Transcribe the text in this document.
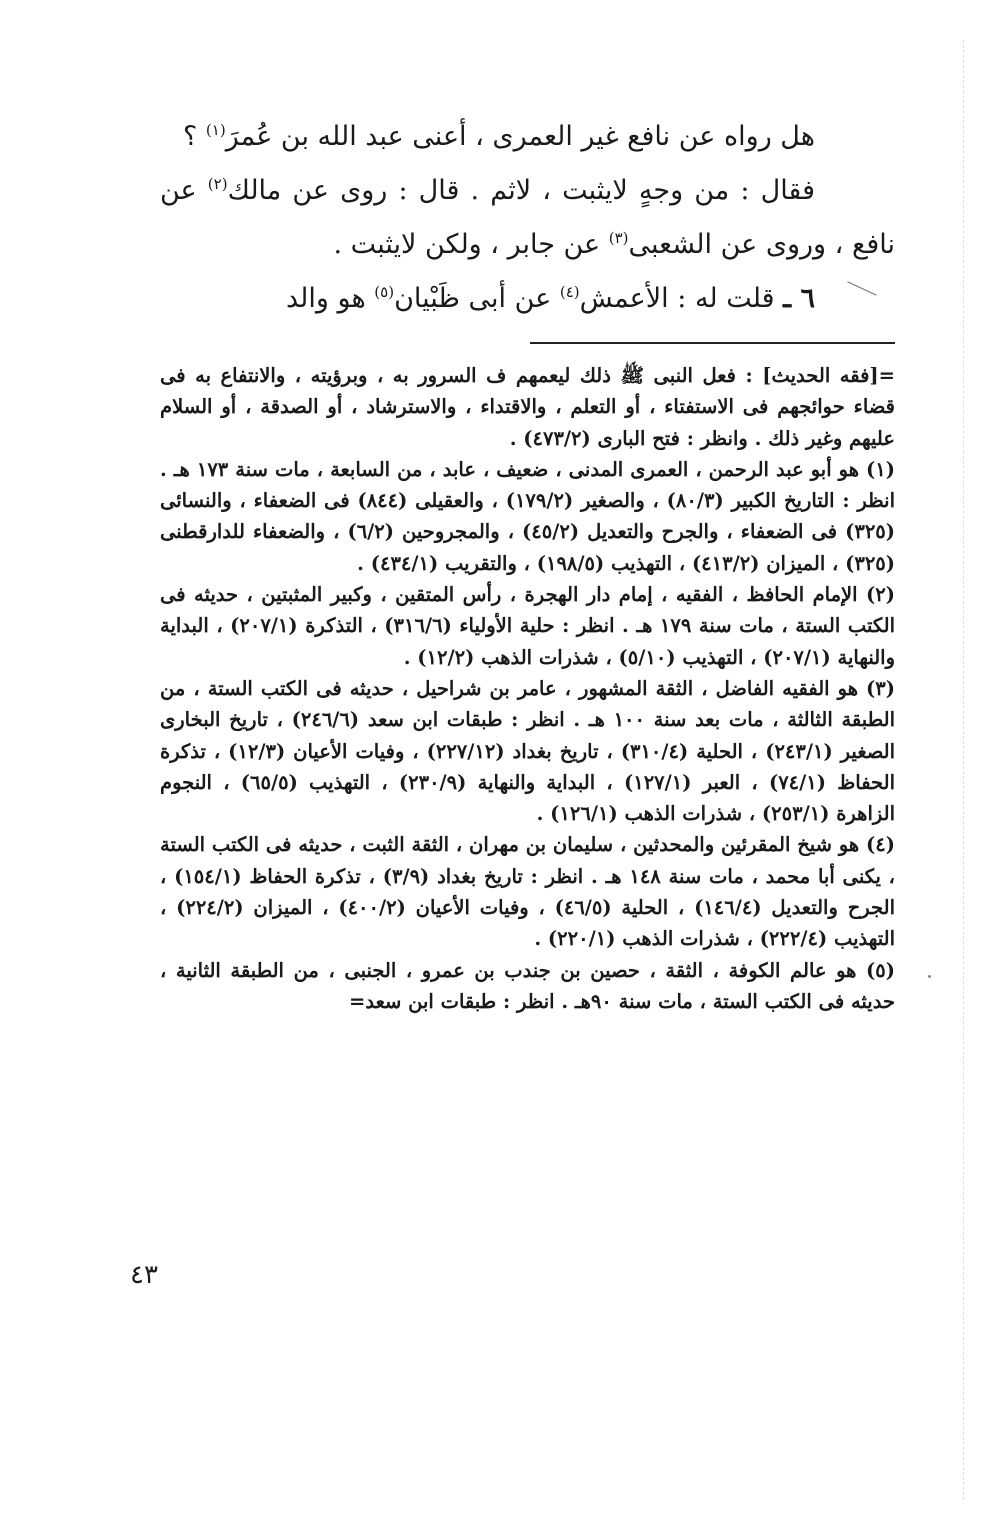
هل رواه عن نافع غير العمرى ، أعنى عبد الله بن عُمرَ$^{(١)}$ ؟

فقال : من وجهٍ لايثبت ، لاثم . قال : روى عن مالك$^{(٢)}$ عن نافع ، وروى عن الشعبى$^{(٣)}$ عن جابر ، ولكن لايثبت .

٦ ـ قلت له : الأعمش$^{(٤)}$ عن أبى ظَبْيان$^{(٥)}$ هو والد

=[فقه الحديث] : فعل النبى ﷺ ذلك ليعمهم ف السرور به ، وبرؤيته ، والانتفاع به فى قضاء حوائجهم فى الاستفتاء ، أو التعلم ، والاقتداء ، والاسترشاد ، أو الصدقة ، أو السلام عليهم وغير ذلك . وانظر : فتح البارى (٤٧٣/٢) .

(١) هو أبو عبد الرحمن ، العمرى المدنى ، ضعيف ، عابد ، من السابعة ، مات سنة ١٧٣ هـ . انظر : التاريخ الكبير (٨٠/٣) ، والصغير (١٧٩/٢) ، والعقيلى (٨٤٤) فى الضعفاء ، والنسائى (٣٢٥) فى الضعفاء ، والجرح والتعديل (٤٥/٢) ، والمجروحين (٦/٢) ، والضعفاء للدارقطنى (٣٢٥) ، الميزان (٤١٣/٢) ، التهذيب (١٩٨/٥) ، والتقريب (٤٣٤/١) .

(٢) الإمام الحافظ ، الفقيه ، إمام دار الهجرة ، رأس المتقين ، وكبير المثبتين ، حديثه فى الكتب الستة ، مات سنة ١٧٩ هـ . انظر : حلية الأولياء (٣١٦/٦) ، التذكرة (٢٠٧/١) ، البداية والنهاية (٢٠٧/١) ، التهذيب (٥/١٠) ، شذرات الذهب (١٢/٢) .

(٣) هو الفقيه الفاضل ، الثقة المشهور ، عامر بن شراحيل ، حديثه فى الكتب الستة ، من الطبقة الثالثة ، مات بعد سنة ١٠٠ هـ . انظر : طبقات ابن سعد (٢٤٦/٦) ، تاريخ البخارى الصغير (٢٤٣/١) ، الحلية (٣١٠/٤) ، تاريخ بغداد (٢٢٧/١٢) ، وفيات الأعيان (١٢/٣) ، تذكرة الحفاظ (٧٤/١) ، العبر (١٢٧/١) ، البداية والنهاية (٢٣٠/٩) ، التهذيب (٦٥/٥) ، النجوم الزاهرة (٢٥٣/١) ، شذرات الذهب (١٢٦/١) .

(٤) هو شيخ المقرئين والمحدثين ، سليمان بن مهران ، الثقة الثبت ، حديثه فى الكتب الستة ، يكنى أبا محمد ، مات سنة ١٤٨ هـ . انظر : تاريخ بغداد (٣/٩) ، تذكرة الحفاظ (١٥٤/١) ، الجرح والتعديل (١٤٦/٤) ، الحلية (٤٦/٥) ، وفيات الأعيان (٤٠٠/٢) ، الميزان (٢٢٤/٢) ، التهذيب (٢٢٢/٤) ، شذرات الذهب (٢٢٠/١) .

(٥) هو عالم الكوفة ، الثقة ، حصين بن جندب بن عمرو ، الجنبى ، من الطبقة الثانية ، حديثه فى الكتب الستة ، مات سنة ٩٠هـ . انظر : طبقات ابن سعد=

٤٣
